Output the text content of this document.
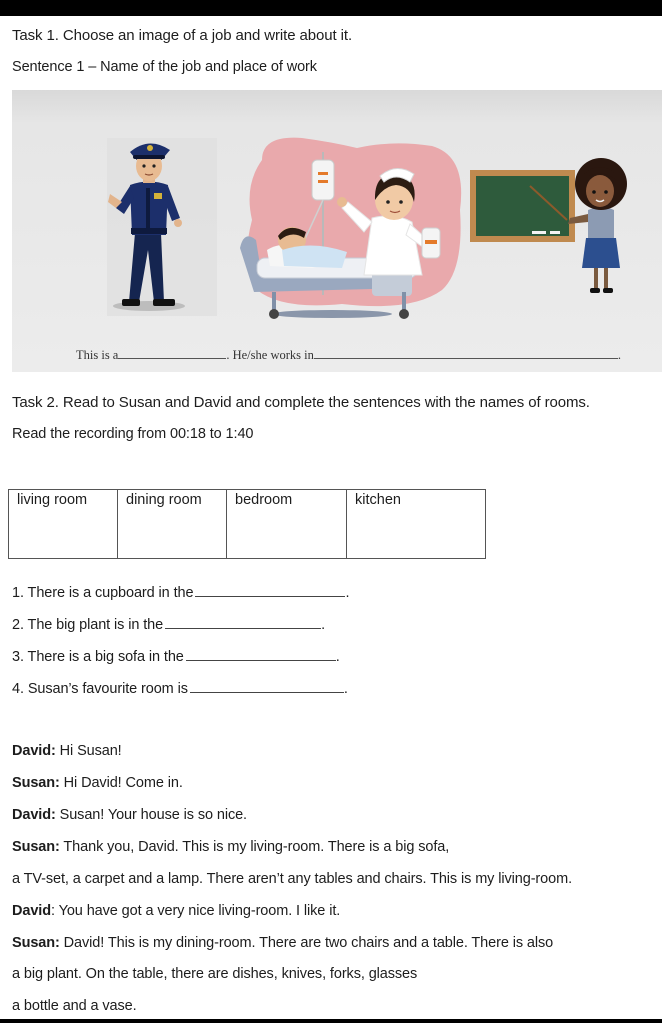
Task 1. Choose an image of a job and write about it.
Sentence 1 – Name of the job and place of work
This is a	. He/she works in	.
Task 2. Read to Susan and David and complete the sentences with the names of rooms.
Read the recording from 00:18 to 1:40
living room	dining room	bedroom	kitchen
1. There is a cupboard in the	.
2. The big plant is in the	.
3. There is a big sofa in the	.
4. Susan’s favourite room is	.
David: Hi Susan!
Susan: Hi David! Come in.
David: Susan! Your house is so nice.
Susan: Thank you, David. This is my living-room. There is a big sofa,
a TV-set, a carpet and a lamp. There aren’t any tables and chairs. This is my living-room.
David: You have got a very nice living-room. I like it.
Susan: David! This is my dining-room. There are two chairs and a table. There is also
a big plant. On the table, there are dishes, knives, forks, glasses
a bottle and a vase.
